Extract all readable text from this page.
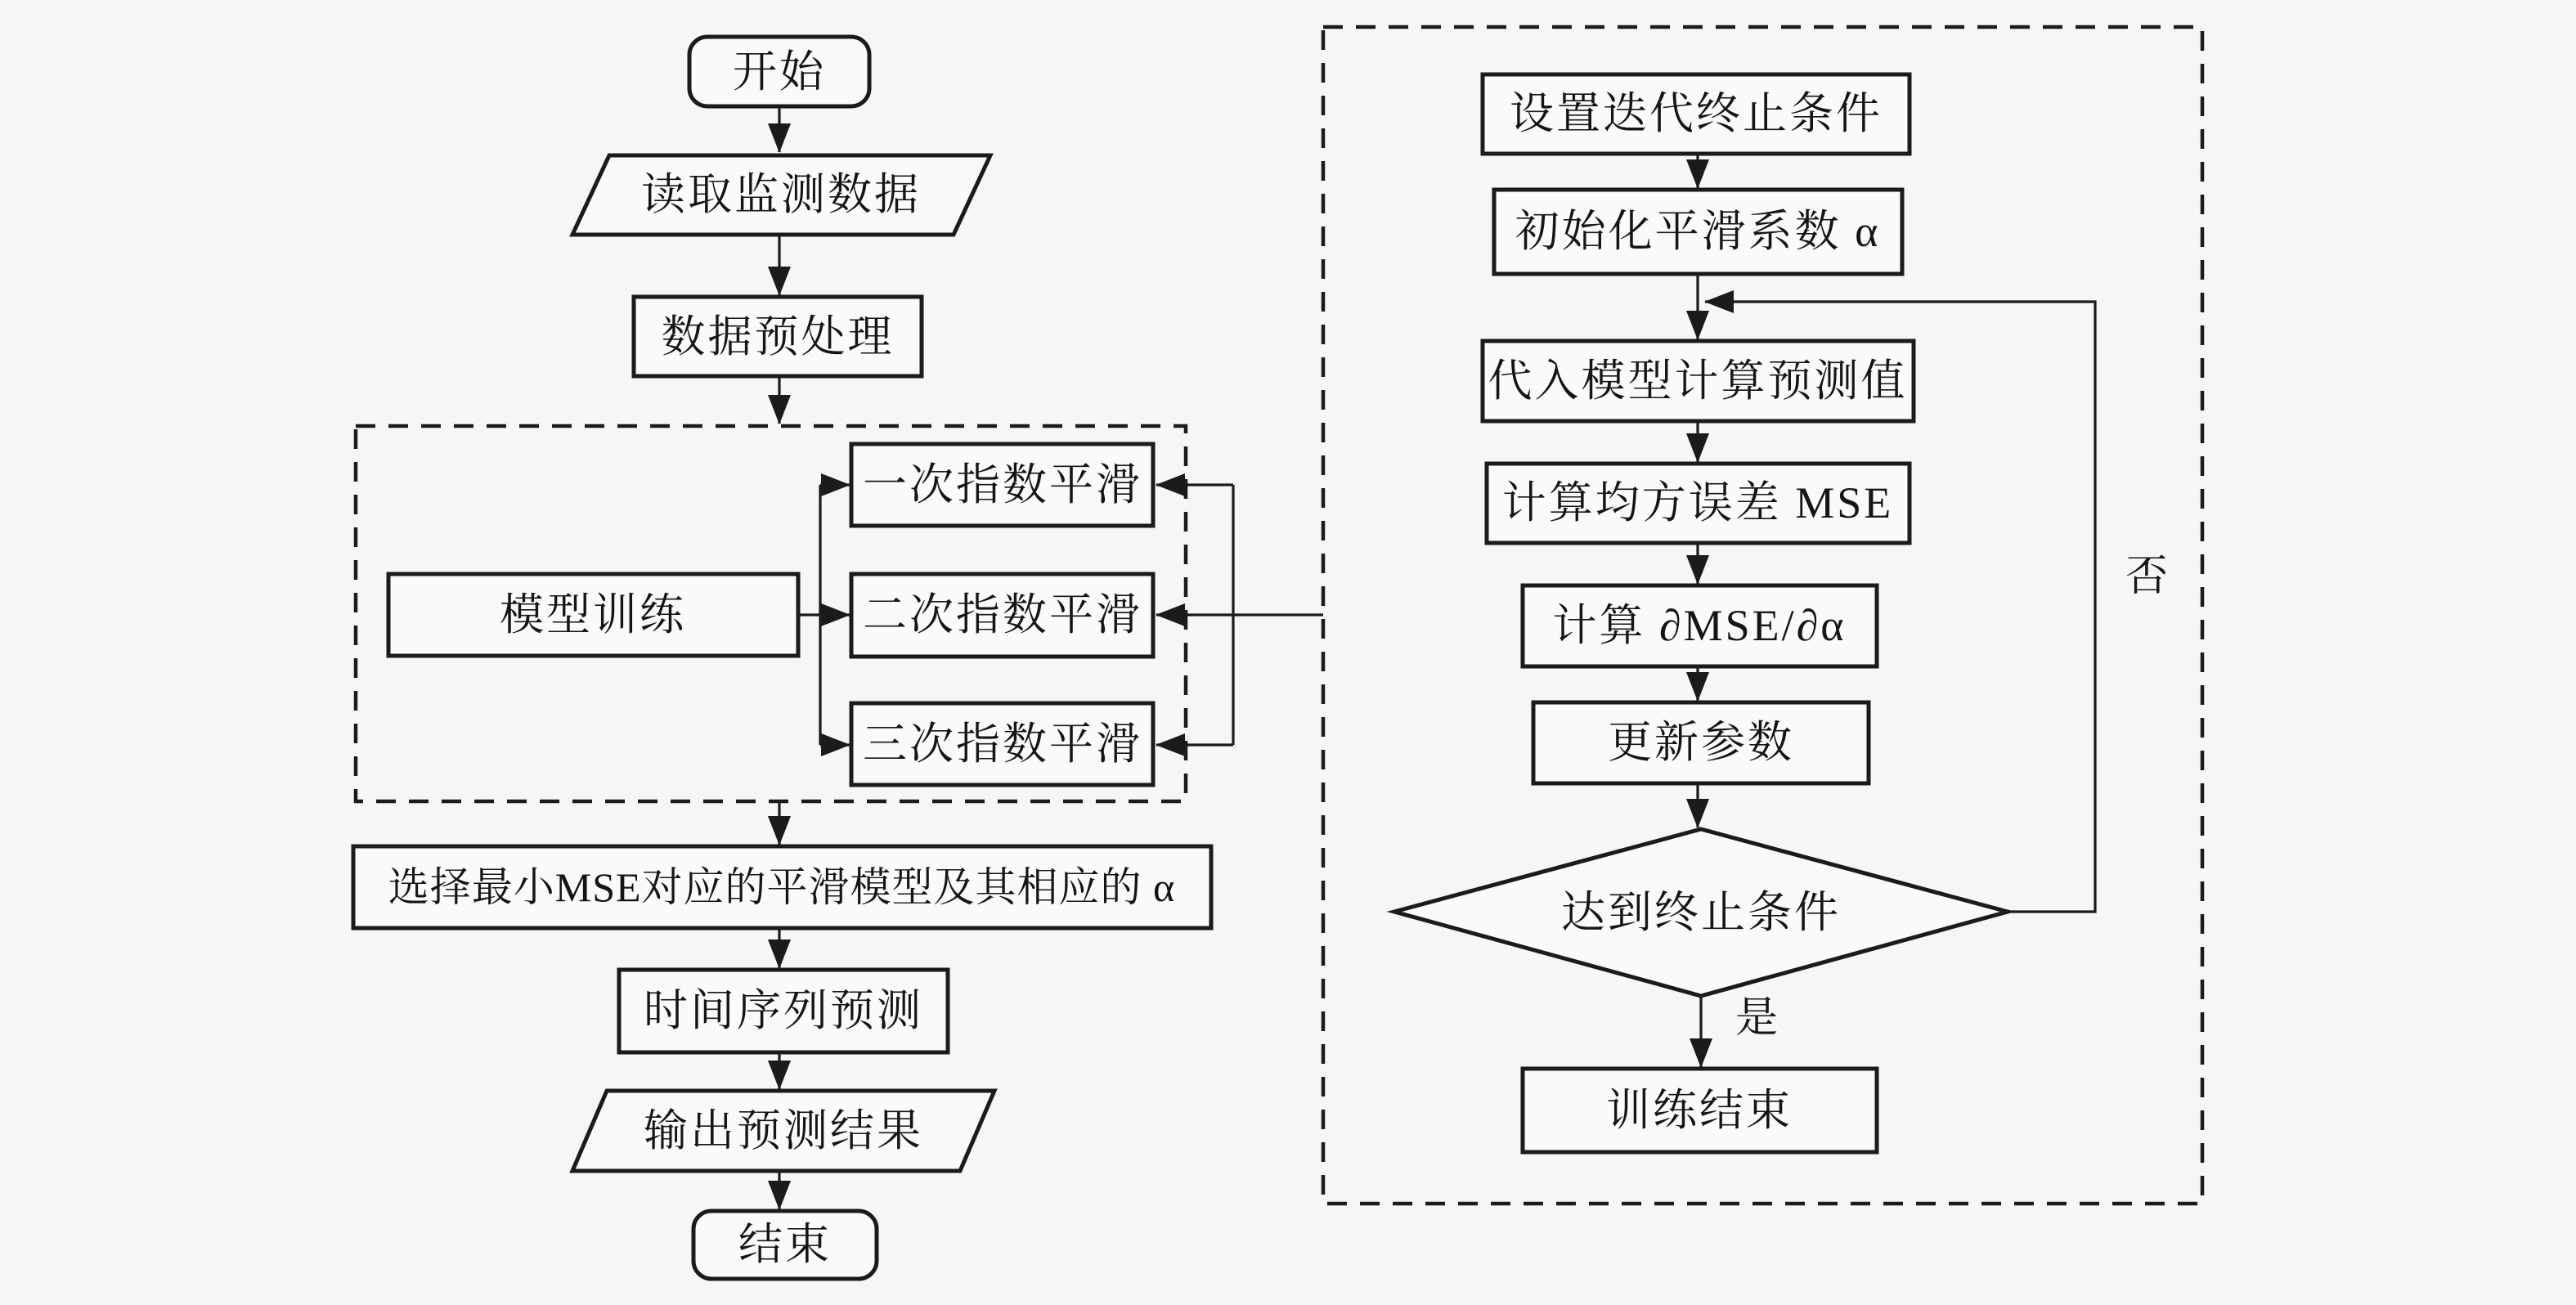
开始
读取监测数据
数据预处理
模型训练
一次指数平滑
二次指数平滑
三次指数平滑
选择最小MSE对应的平滑模型及其相应的 α
时间序列预测
输出预测结果
结束
设置迭代终止条件
初始化平滑系数 α
代入模型计算预测值
计算均方误差 MSE
计算 ∂MSE/∂α
更新参数
达到终止条件
训练结束
否
是
